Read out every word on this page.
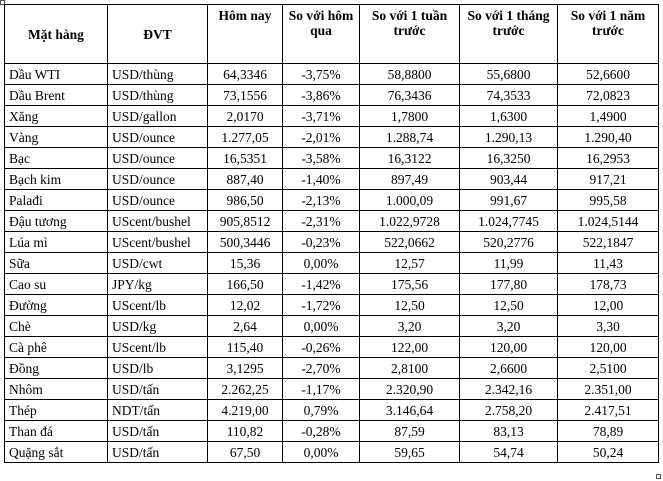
Mặt hàng	ĐVT	Hôm nay	So với hôm qua	So với 1 tuần trước	So với 1 tháng trước	So với 1 năm trước
Dầu WTI	USD/thùng	64,3346	-3,75%	58,8800	55,6800	52,6600
Dầu Brent	USD/thùng	73,1556	-3,86%	76,3436	74,3533	72,0823
Xăng	USD/gallon	2,0170	-3,71%	1,7800	1,6300	1,4900
Vàng	USD/ounce	1.277,05	-2,01%	1.288,74	1.290,13	1.290,40
Bạc	USD/ounce	16,5351	-3,58%	16,3122	16,3250	16,2953
Bạch kim	USD/ounce	887,40	-1,40%	897,49	903,44	917,21
Palađi	USD/ounce	986,50	-2,13%	1.000,09	991,67	995,58
Đậu tương	UScent/bushel	905,8512	-2,31%	1.022,9728	1.024,7745	1.024,5144
Lúa mì	UScent/bushel	500,3446	-0,23%	522,0662	520,2776	522,1847
Sữa	USD/cwt	15,36	0,00%	12,57	11,99	11,43
Cao su	JPY/kg	166,50	-1,42%	175,56	177,80	178,73
Đường	UScent/lb	12,02	-1,72%	12,50	12,50	12,00
Chè	USD/kg	2,64	0,00%	3,20	3,20	3,30
Cà phê	UScent/lb	115,40	-0,26%	122,00	120,00	120,00
Đồng	USD/lb	3,1295	-2,70%	2,8100	2,6600	2,5100
Nhôm	USD/tấn	2.262,25	-1,17%	2.320,90	2.342,16	2.351,00
Thép	NDT/tấn	4.219,00	0,79%	3.146,64	2.758,20	2.417,51
Than đá	USD/tấn	110,82	-0,28%	87,59	83,13	78,89
Quặng sắt	USD/tấn	67,50	0,00%	59,65	54,74	50,24
